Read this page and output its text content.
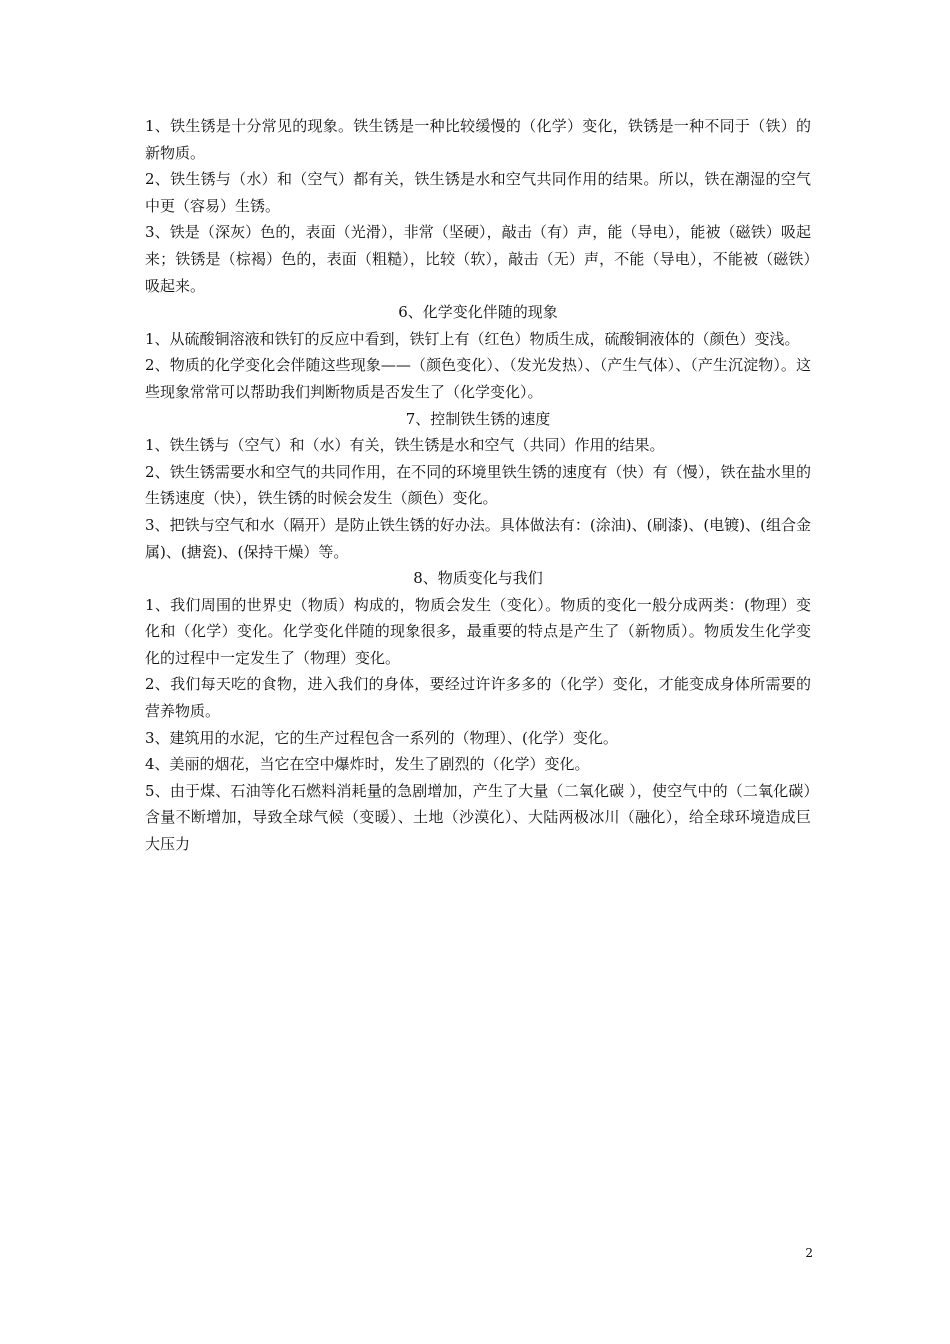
1、铁生锈是十分常见的现象。铁生锈是一种比较缓慢的（化学）变化，铁锈是一种不同于（铁）的新物质。

2、铁生锈与（水）和（空气）都有关，铁生锈是水和空气共同作用的结果。所以，铁在潮湿的空气中更（容易）生锈。

3、铁是（深灰）色的，表面（光滑），非常（坚硬），敲击（有）声，能（导电），能被（磁铁）吸起来；铁锈是（棕褐）色的，表面（粗糙），比较（软），敲击（无）声，不能（导电），不能被（磁铁）吸起来。

6、化学变化伴随的现象

1、从硫酸铜溶液和铁钉的反应中看到，铁钉上有（红色）物质生成，硫酸铜液体的（颜色）变浅。

2、物质的化学变化会伴随这些现象——（颜色变化）、（发光发热）、（产生气体）、（产生沉淀物）。这些现象常常可以帮助我们判断物质是否发生了（化学变化）。

7、控制铁生锈的速度

1、铁生锈与（空气）和（水）有关，铁生锈是水和空气（共同）作用的结果。

2、铁生锈需要水和空气的共同作用，在不同的环境里铁生锈的速度有（快）有（慢），铁在盐水里的生锈速度（快），铁生锈的时候会发生（颜色）变化。

3、把铁与空气和水（隔开）是防止铁生锈的好办法。具体做法有：(涂油)、(刷漆)、(电镀)、(组合金属)、(搪瓷)、(保持干燥）等。

8、物质变化与我们

1、我们周围的世界史（物质）构成的，物质会发生（变化）。物质的变化一般分成两类：(物理）变化和（化学）变化。化学变化伴随的现象很多，最重要的特点是产生了（新物质）。物质发生化学变化的过程中一定发生了（物理）变化。

2、我们每天吃的食物，进入我们的身体，要经过许许多多的（化学）变化，才能变成身体所需要的营养物质。

3、建筑用的水泥，它的生产过程包含一系列的（物理）、(化学）变化。

4、美丽的烟花，当它在空中爆炸时，发生了剧烈的（化学）变化。

5、由于煤、石油等化石燃料消耗量的急剧增加，产生了大量（二氧化碳 ），使空气中的（二氧化碳）含量不断增加，导致全球气候（变暖）、土地（沙漠化）、大陆两极冰川（融化），给全球环境造成巨大压力

2
